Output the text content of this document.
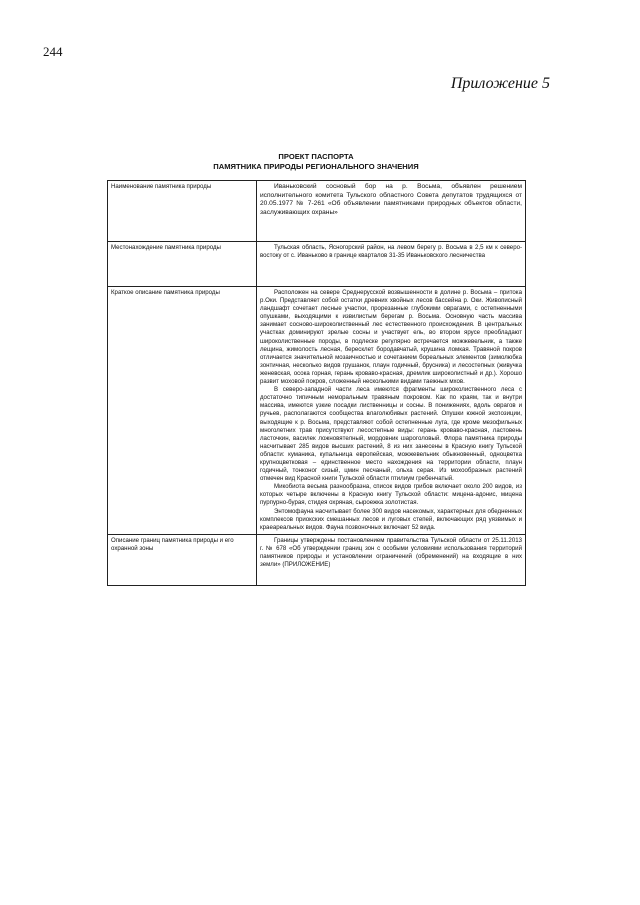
244
Приложение 5
ПРОЕКТ ПАСПОРТА
ПАМЯТНИКА ПРИРОДЫ РЕГИОНАЛЬНОГО ЗНАЧЕНИЯ
Наименование памятника природы	Иваньковский сосновый бор на р. Восьма, объявлен решением исполнительного комитета Тульского областного Совета депутатов трудящихся от 20.05.1977 № 7-261 «Об объявлении памятниками природных объектов области, заслуживающих охраны»

Местонахождение памятника природы	Тульская область, Ясногорский район, на левом берегу р. Восьма в 2,5 км к северо-востоку от с. Иваньково в границе кварталов 31-35 Иваньковского лесничества

Краткое описание памятника природы	Расположен на севере Среднерусской возвышенности в долине р. Восьма – притока р.Оки. Представляет собой остатки древних хвойных лесов бассейна р. Оки. Живописный ландшафт сочетает лесные участки, прорезанные глубокими оврагами, с остепненными опушками, выходящими к извилистым берегам р. Восьма. Основную часть массива занимает сосново-широколиственный лес естественного происхождения. В центральных участках доминируют зрелые сосны и участвует ель, во втором ярусе преобладают широколиственные породы, в подлеске регулярно встречается можжевельник, а также лещина, жимолость лесная, бересклет бородавчатый, крушина ломкая. Травяной покров отличается значительной мозаичностью и сочетанием бореальных элементов (зимолюбка зонтичная, несколько видов грушанок, плаун годичный, брусника) и лесостепных (живучка женевская, осока горная, герань кроваво-красная, дремлик широколистный и др.). Хорошо развит моховой покров, сложенный несколькими видами таежных мхов.

В северо-западной части леса имеются фрагменты широколиственного леса с достаточно типичным неморальным травяным покровом. Как по краям, так и внутри массива, имеются узкие посадки лиственницы и сосны. В понижениях, вдоль оврагов и ручьев, располагаются сообщества влаголюбивых растений. Опушки южной экспозиции, выходящие к р. Восьма, представляют собой остепненные луга, где кроме мезофильных многолетних трав присутствуют лесостепные виды: герань кроваво-красная, ластовень ласточкин, василек ложновятелный, мордовник шароголовый. Флора памятника природы насчитывает 285 видов высших растений, 8 из них занесены в Красную книгу Тульской области: куманика, купальница европейская, можжевельник обыкновенный, одноцветка крупноцветковая – единственное место нахождения на территории области, плаун годичный, тонконог сизый, цмин песчаный, ольха серая. Из мохообразных растений отмечен вид Красной книги Тульской области птилиум гребенчатый.

Микобиота весьма разнообразна, список видов грибов включает около 200 видов, из которых четыре включены в Красную книгу Тульской области: мицена-адонис, мицена пурпурно-бурая, стидея охряная, сыроежка золотистая.

Энтомофауна насчитывает более 300 видов насекомых, характерных для обедненных комплексов приокских смешанных лесов и луговых степей, включающих ряд уязвимых и краеареальных видов. Фауна позвоночных включает 52 вида.

Описание границ памятника природы и его охранной зоны	Границы утверждены постановлением правительства Тульской области от 25.11.2013 г. № 678 «Об утверждении границ зон с особыми условиями использования территорий памятников природы и установлении ограничений (обременений) на входящие в них земли» (ПРИЛОЖЕНИЕ)
